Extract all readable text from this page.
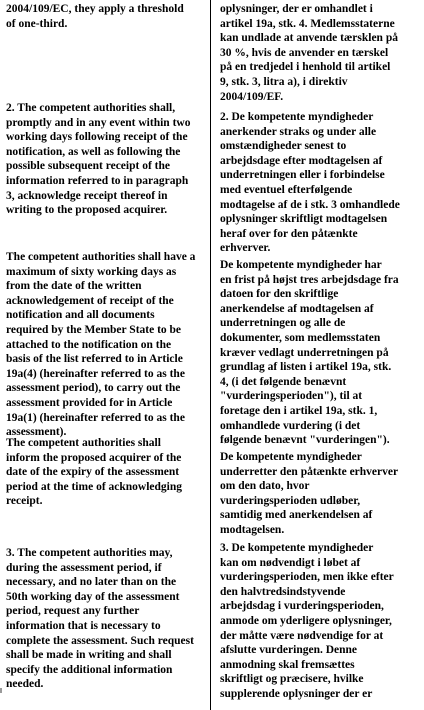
2004/109/EC, they apply a threshold
of one-third.

2. The competent authorities shall,
promptly and in any event within two
working days following receipt of the
notification, as well as following the
possible subsequent receipt of the
information referred to in paragraph
3, acknowledge receipt thereof in
writing to the proposed acquirer.

The competent authorities shall have a
maximum of sixty working days as
from the date of the written
acknowledgement of receipt of the
notification and all documents
required by the Member State to be
attached to the notification on the
basis of the list referred to in Article
19a(4) (hereinafter referred to as the
assessment period), to carry out the
assessment provided for in Article
19a(1) (hereinafter referred to as the
assessment).

The competent authorities shall
inform the proposed acquirer of the
date of the expiry of the assessment
period at the time of acknowledging
receipt.

3. The competent authorities may,
during the assessment period, if
necessary, and no later than on the
50th working day of the assessment
period, request any further
information that is necessary to
complete the assessment. Such request
shall be made in writing and shall
specify the additional information
needed.

oplysninger, der er omhandlet i
artikel 19a, stk. 4. Medlemsstaterne
kan undlade at anvende tærsklen på
30 %, hvis de anvender en tærskel
på en tredjedel i henhold til artikel
9, stk. 3, litra a), i direktiv
2004/109/EF.

2. De kompetente myndigheder
anerkender straks og under alle
omstændigheder senest to
arbejdsdage efter modtagelsen af
underretningen eller i forbindelse
med eventuel efterfølgende
modtagelse af de i stk. 3 omhandlede
oplysninger skriftligt modtagelsen
heraf over for den påtænkte
erhverver.

De kompetente myndigheder har
en frist på højst tres arbejdsdage fra
datoen for den skriftlige
anerkendelse af modtagelsen af
underretningen og alle de
dokumenter, som medlemsstaten
kræver vedlagt underretningen på
grundlag af listen i artikel 19a, stk.
4, (i det følgende benævnt
"vurderingsperioden"), til at
foretage den i artikel 19a, stk. 1,
omhandlede vurdering (i det
følgende benævnt "vurderingen").

De kompetente myndigheder
underretter den påtænkte erhverver
om den dato, hvor
vurderingsperioden udløber,
samtidig med anerkendelsen af
modtagelsen.

3. De kompetente myndigheder
kan om nødvendigt i løbet af
vurderingsperioden, men ikke efter
den halvtredsindstyvende
arbejdsdag i vurderingsperioden,
anmode om yderligere oplysninger,
der måtte være nødvendige for at
afslutte vurderingen. Denne
anmodning skal fremsættes
skriftligt og præcisere, hvilke
supplerende oplysninger der er
